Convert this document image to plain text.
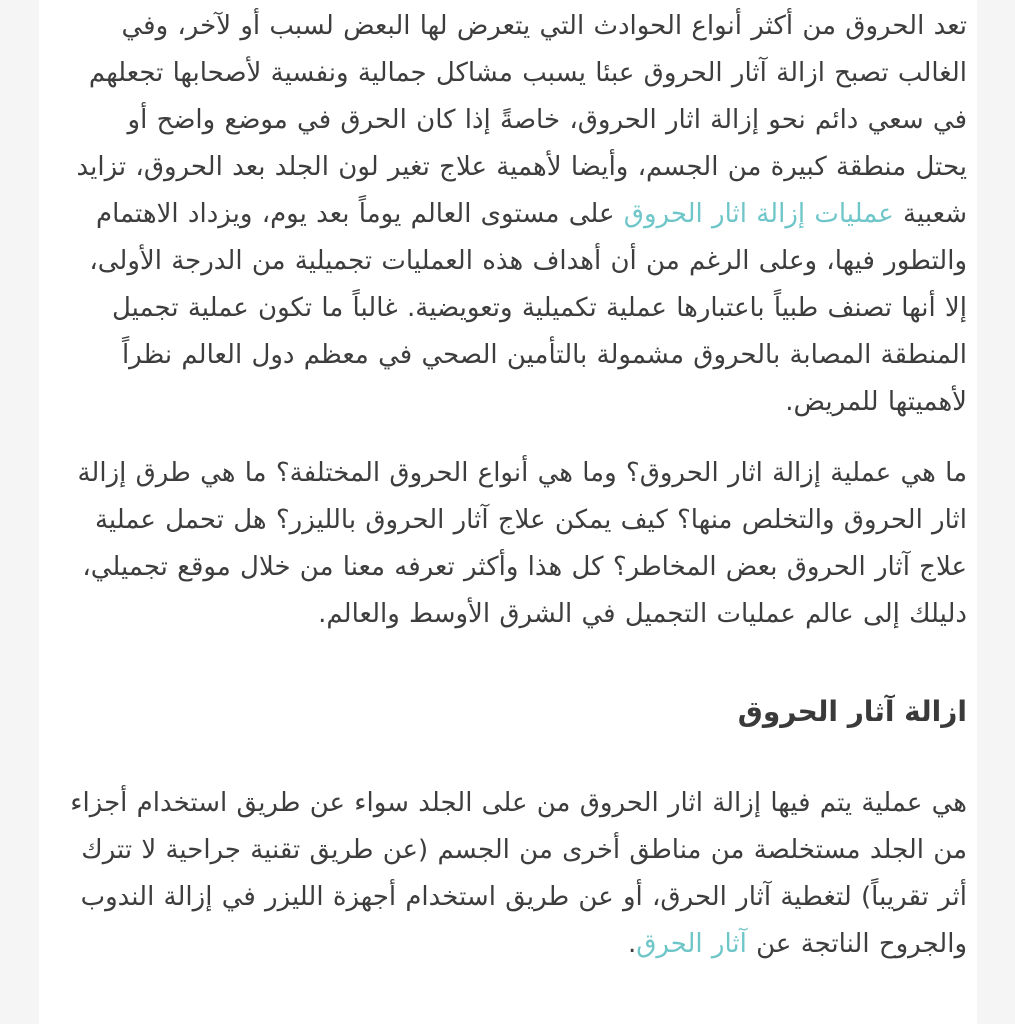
تعد الحروق من أكثر أنواع الحوادث التي يتعرض لها البعض لسبب أو لآخر، وفي الغالب تصبح ازالة آثار الحروق عبئا يسبب مشاكل جمالية ونفسية لأصحابها تجعلهم في سعي دائم نحو إزالة اثار الحروق، خاصةً إذا كان الحرق في موضع واضح أو يحتل منطقة كبيرة من الجسم، وأيضا لأهمية علاج تغير لون الجلد بعد الحروق، تزايد شعبية عمليات إزالة اثار الحروق على مستوى العالم يوماً بعد يوم، ويزداد الاهتمام والتطور فيها، وعلى الرغم من أن أهداف هذه العمليات تجميلية من الدرجة الأولى، إلا أنها تصنف طبياً باعتبارها عملية تكميلية وتعويضية. غالباً ما تكون عملية تجميل المنطقة المصابة بالحروق مشمولة بالتأمين الصحي في معظم دول العالم نظراً لأهميتها للمريض.

ما هي عملية إزالة اثار الحروق؟ وما هي أنواع الحروق المختلفة؟ ما هي طرق إزالة اثار الحروق والتخلص منها؟ كيف يمكن علاج آثار الحروق بالليزر؟ هل تحمل عملية علاج آثار الحروق بعض المخاطر؟ كل هذا وأكثر تعرفه معنا من خلال موقع تجميلي، دليلك إلى عالم عمليات التجميل في الشرق الأوسط والعالم.

ازالة آثار الحروق

هي عملية يتم فيها إزالة اثار الحروق من على الجلد سواء عن طريق استخدام أجزاء من الجلد مستخلصة من مناطق أخرى من الجسم (عن طريق تقنية جراحية لا تترك أثر تقريباً) لتغطية آثار الحرق، أو عن طريق استخدام أجهزة الليزر في إزالة الندوب والجروح الناتجة عن آثار الحرق.
